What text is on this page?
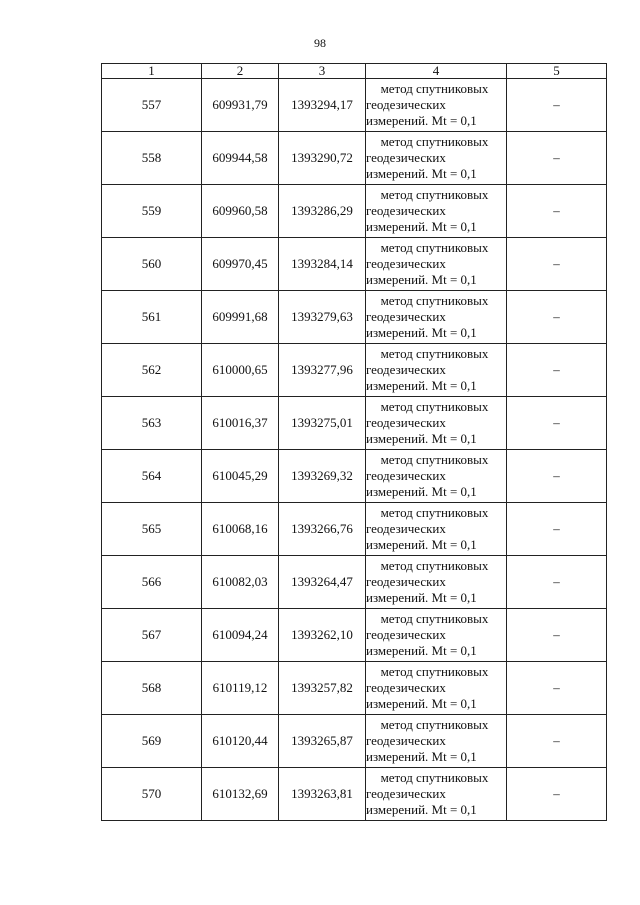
98
1	2	3	4	5
557	609931,79	1393294,17	метод спутниковых
геодезических
измерений. Mt = 0,1	–
558	609944,58	1393290,72	метод спутниковых
геодезических
измерений. Mt = 0,1	–
559	609960,58	1393286,29	метод спутниковых
геодезических
измерений. Mt = 0,1	–
560	609970,45	1393284,14	метод спутниковых
геодезических
измерений. Mt = 0,1	–
561	609991,68	1393279,63	метод спутниковых
геодезических
измерений. Mt = 0,1	–
562	610000,65	1393277,96	метод спутниковых
геодезических
измерений. Mt = 0,1	–
563	610016,37	1393275,01	метод спутниковых
геодезических
измерений. Mt = 0,1	–
564	610045,29	1393269,32	метод спутниковых
геодезических
измерений. Mt = 0,1	–
565	610068,16	1393266,76	метод спутниковых
геодезических
измерений. Mt = 0,1	–
566	610082,03	1393264,47	метод спутниковых
геодезических
измерений. Mt = 0,1	–
567	610094,24	1393262,10	метод спутниковых
геодезических
измерений. Mt = 0,1	–
568	610119,12	1393257,82	метод спутниковых
геодезических
измерений. Mt = 0,1	–
569	610120,44	1393265,87	метод спутниковых
геодезических
измерений. Mt = 0,1	–
570	610132,69	1393263,81	метод спутниковых
геодезических
измерений. Mt = 0,1	–
